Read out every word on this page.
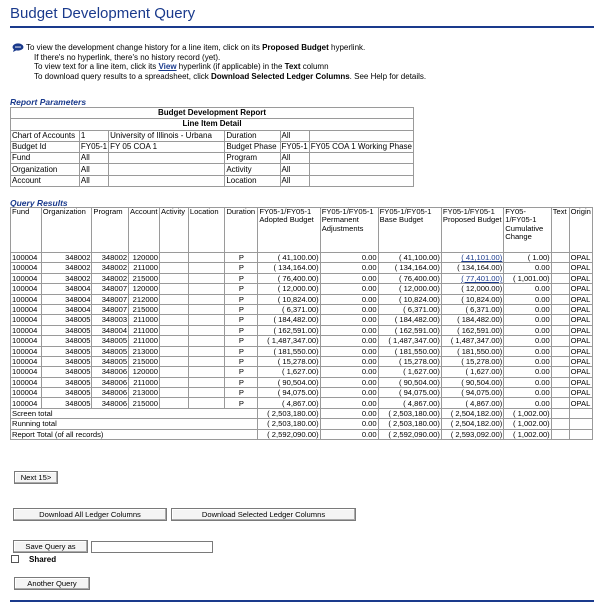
Budget Development Query
To view the development change history for a line item, click on its Proposed Budget hyperlink.
If there's no hyperlink, there's no history record (yet).
To view text for a line item, click its View hyperlink (if applicable) in the Text column
To download query results to a spreadsheet, click Download Selected Ledger Columns. See Help for details.
Report Parameters
Budget Development Report					
Line Item Detail					
Chart of Accounts	1	University of Illinois - Urbana	Duration	All	
Budget Id	FY05-1	FY 05 COA 1	Budget Phase	FY05-1	FY05 COA 1 Working Phase
Fund	All		Program	All	
Organization	All		Activity	All	
Account	All		Location	All	
Query Results
Fund	Organization	Program	Account	Activity	Location	Duration	FY05-1/FY05-1 Adopted Budget	FY05-1/FY05-1 Permanent Adjustments	FY05-1/FY05-1 Base Budget	FY05-1/FY05-1 Proposed Budget	FY05-1/FY05-1 Cumulative Change	Text	Origin
100004	348002	348002	120000			P	( 41,100.00)	0.00	( 41,100.00)	( 41,101.00)	( 1.00)		OPAL
100004	348002	348002	211000			P	( 134,164.00)	0.00	( 134,164.00)	( 134,164.00)	0.00		OPAL
100004	348002	348002	215000			P	( 76,400.00)	0.00	( 76,400.00)	( 77,401.00)	( 1,001.00)		OPAL
100004	348004	348007	120000			P	( 12,000.00)	0.00	( 12,000.00)	( 12,000.00)	0.00		OPAL
100004	348004	348007	212000			P	( 10,824.00)	0.00	( 10,824.00)	( 10,824.00)	0.00		OPAL
100004	348004	348007	215000			P	( 6,371.00)	0.00	( 6,371.00)	( 6,371.00)	0.00		OPAL
100004	348005	348003	211000			P	( 184,482.00)	0.00	( 184,482.00)	( 184,482.00)	0.00		OPAL
100004	348005	348004	211000			P	( 162,591.00)	0.00	( 162,591.00)	( 162,591.00)	0.00		OPAL
100004	348005	348005	211000			P	( 1,487,347.00)	0.00	( 1,487,347.00)	( 1,487,347.00)	0.00		OPAL
100004	348005	348005	213000			P	( 181,550.00)	0.00	( 181,550.00)	( 181,550.00)	0.00		OPAL
100004	348005	348005	215000			P	( 15,278.00)	0.00	( 15,278.00)	( 15,278.00)	0.00		OPAL
100004	348005	348006	120000			P	( 1,627.00)	0.00	( 1,627.00)	( 1,627.00)	0.00		OPAL
100004	348005	348006	211000			P	( 90,504.00)	0.00	( 90,504.00)	( 90,504.00)	0.00		OPAL
100004	348005	348006	213000			P	( 94,075.00)	0.00	( 94,075.00)	( 94,075.00)	0.00		OPAL
100004	348005	348006	215000			P	( 4,867.00)	0.00	( 4,867.00)	( 4,867.00)	0.00		OPAL
Screen total							( 2,503,180.00)	0.00	( 2,503,180.00)	( 2,504,182.00)	( 1,002.00)		
Running total							( 2,503,180.00)	0.00	( 2,503,180.00)	( 2,504,182.00)	( 1,002.00)		
Report Total (of all records)							( 2,592,090.00)	0.00	( 2,592,090.00)	( 2,593,092.00)	( 1,002.00)		
Next 15>
Download All Ledger Columns	Download Selected Ledger Columns
Save Query as
Shared
Another Query
